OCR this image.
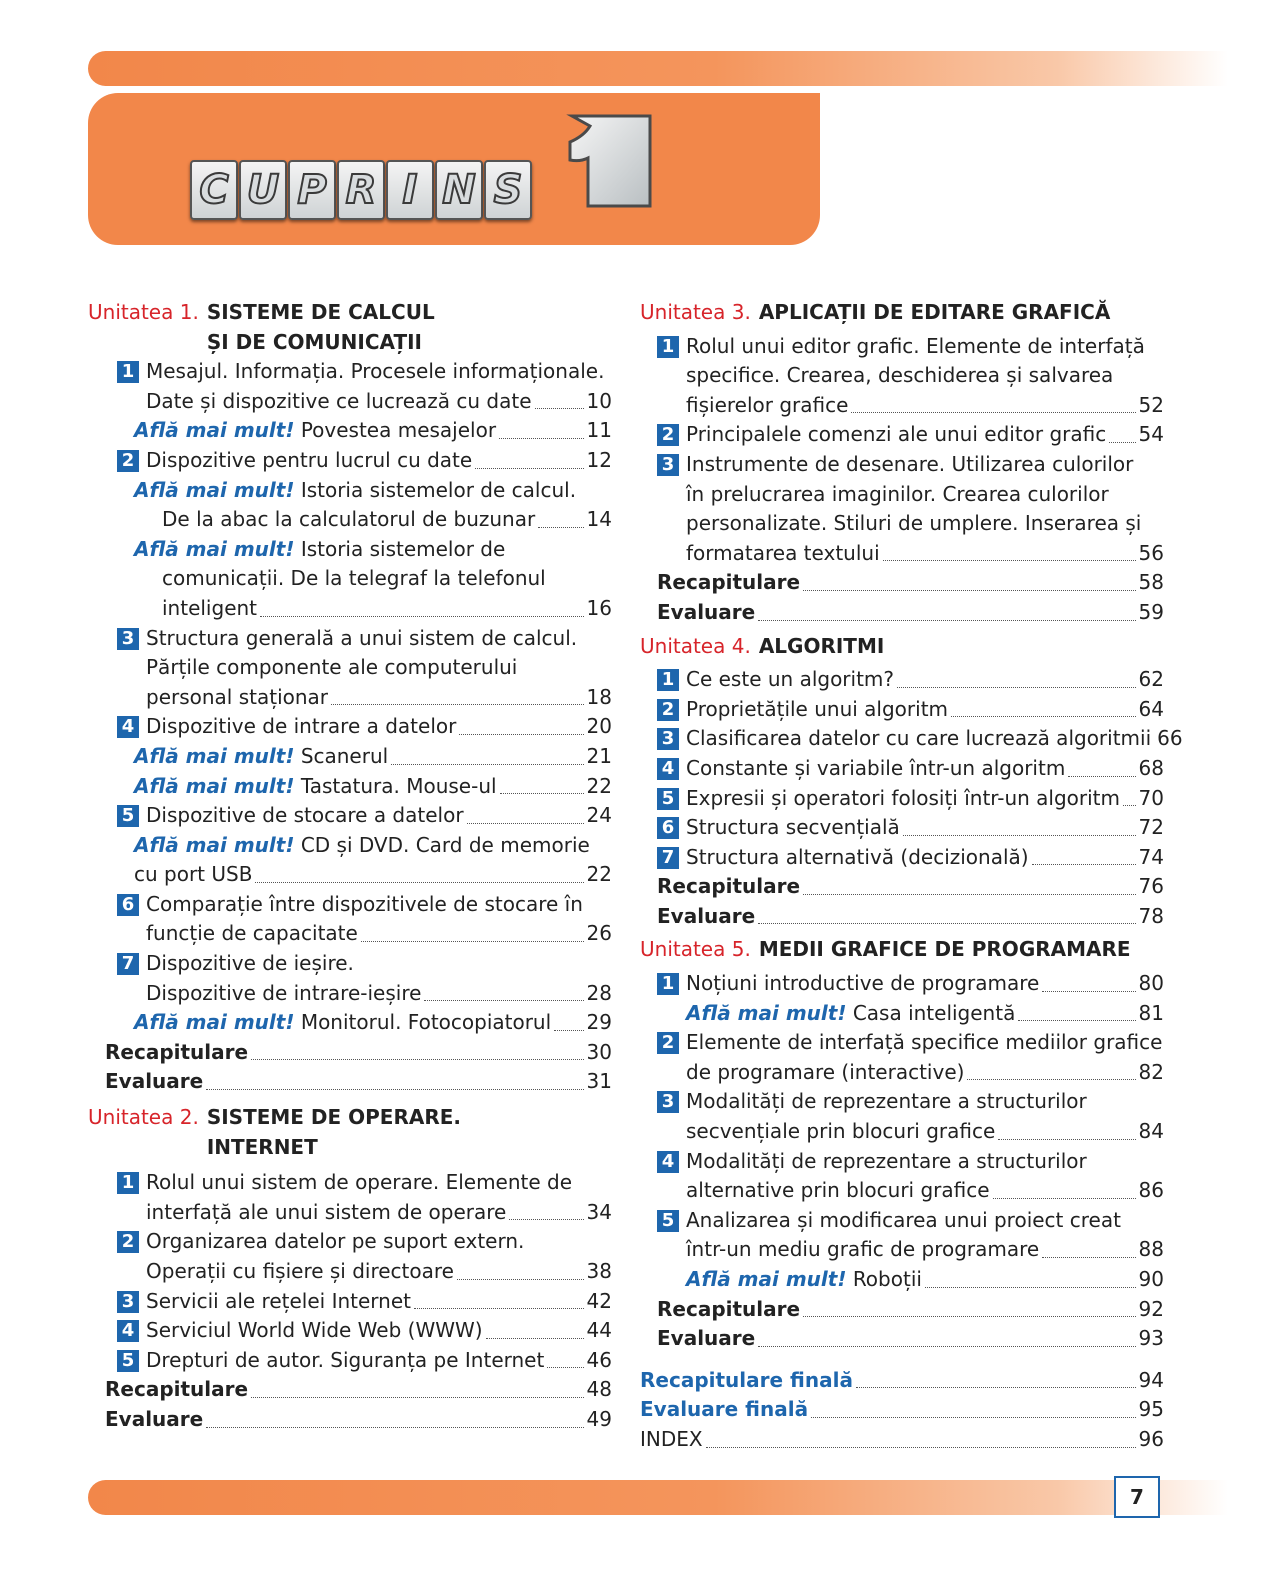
C U P R I N S
Unitatea 1. SISTEME DE CALCUL
ȘI DE COMUNICAȚII
1 Mesajul. Informația. Procesele informaționale.
Date și dispozitive ce lucrează cu date	10
Află mai mult! Povestea mesajelor	11
2 Dispozitive pentru lucrul cu date	12
Află mai mult! Istoria sistemelor de calcul.
De la abac la calculatorul de buzunar	14
Află mai mult! Istoria sistemelor de
comunicații. De la telegraf la telefonul
inteligent	16
3 Structura generală a unui sistem de calcul.
Părțile componente ale computerului
personal staționar	18
4 Dispozitive de intrare a datelor	20
Află mai mult! Scanerul	21
Află mai mult! Tastatura. Mouse-ul	22
5 Dispozitive de stocare a datelor	24
Află mai mult! CD și DVD. Card de memorie
cu port USB	22
6 Comparație între dispozitivele de stocare în
funcție de capacitate	26
7 Dispozitive de ieșire.
Dispozitive de intrare-ieșire	28
Află mai mult! Monitorul. Fotocopiatorul 29
Recapitulare	30
Evaluare	31
Unitatea 2. SISTEME DE OPERARE.
INTERNET
1 Rolul unui sistem de operare. Elemente de
interfață ale unui sistem de operare	34
2 Organizarea datelor pe suport extern.
Operații cu fișiere și directoare	38
3 Servicii ale rețelei Internet	42
4 Serviciul World Wide Web (WWW)	44
5 Drepturi de autor. Siguranța pe Internet 46
Recapitulare	48
Evaluare	49
Unitatea 3. APLICAȚII DE EDITARE GRAFICĂ
1 Rolul unui editor grafic. Elemente de interfață
specifice. Crearea, deschiderea și salvarea
fișierelor grafice	52
2 Principalele comenzi ale unui editor grafic 54
3 Instrumente de desenare. Utilizarea culorilor
în prelucrarea imaginilor. Crearea culorilor
personalizate. Stiluri de umplere. Inserarea și
formatarea textului	56
Recapitulare	58
Evaluare	59
Unitatea 4. ALGORITMI
1 Ce este un algoritm?	62
2 Proprietățile unui algoritm	64
3 Clasificarea datelor cu care lucrează algoritmii 66
4 Constante și variabile într-un algoritm	68
5 Expresii și operatori folosiți într-un algoritm 70
6 Structura secvențială	72
7 Structura alternativă (decizională)	74
Recapitulare	76
Evaluare	78
Unitatea 5. MEDII GRAFICE DE PROGRAMARE
1 Noțiuni introductive de programare	80
Află mai mult! Casa inteligentă	81
2 Elemente de interfață specifice mediilor grafice
de programare (interactive)	82
3 Modalități de reprezentare a structurilor
secvențiale prin blocuri grafice	84
4 Modalități de reprezentare a structurilor
alternative prin blocuri grafice	86
5 Analizarea și modificarea unui proiect creat
într-un mediu grafic de programare	88
Află mai mult! Roboții	90
Recapitulare	92
Evaluare	93
Recapitulare finală	94
Evaluare finală	95
INDEX	96
7
